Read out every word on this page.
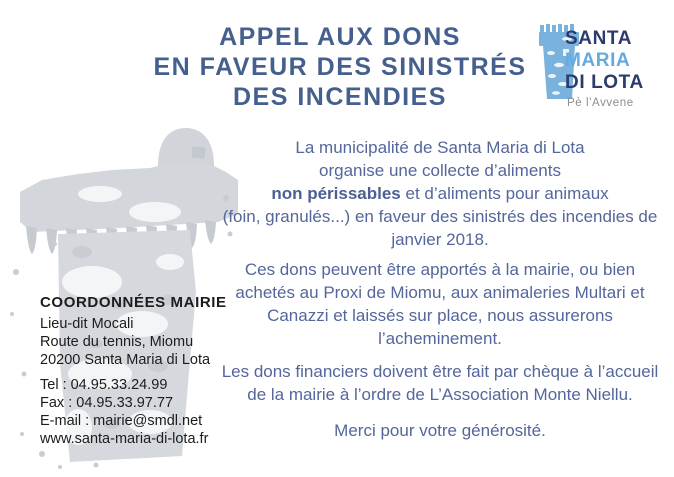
APPEL AUX DONS
EN FAVEUR DES SINISTRÉS
DES INCENDIES
SANTA
MARIA
DI LOTA
Pè l'Avvene
COORDONNÉES MAIRIE
Lieu-dit Mocali
Route du tennis, Miomu
20200 Santa Maria di Lota
Tel : 04.95.33.24.99
Fax : 04.95.33.97.77
E-mail : mairie@smdl.net
www.santa-maria-di-lota.fr
La municipalité de Santa Maria di Lota
organise une collecte d’aliments
non périssables et d’aliments pour animaux
(foin, granulés...) en faveur des sinistrés des incendies de
janvier 2018.
Ces dons peuvent être apportés à la mairie, ou bien
achetés au Proxi de Miomu, aux animaleries Multari et
Canazzi et laissés sur place, nous assurerons
l’acheminement.
Les dons financiers doivent être fait par chèque à l’accueil
de la mairie à l’ordre de L’Association Monte Niellu.
Merci pour votre générosité.
